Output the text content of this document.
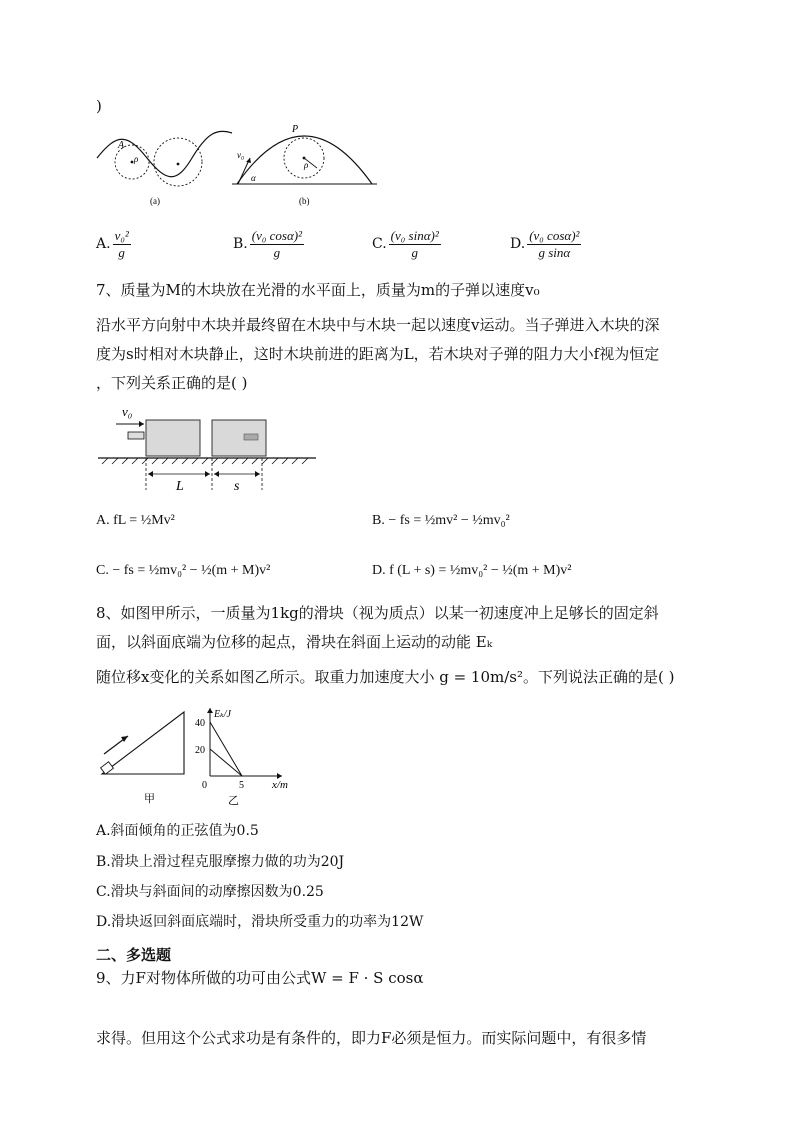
)
A
ρ
(a)
P
ρ
v₀
α
(b)
A. $\frac{\text{v₀²}}{g}$	B. $\frac{\text{(v₀ cosα)²}}{g}$	C. $\frac{\text{(v₀ sinα)²}}{g}$	D. $\frac{\text{(v₀ cosα)²}}{\text{g sinα}}$
7、质量为M的木块放在光滑的水平面上，质量为m的子弹以速度v₀
沿水平方向射中木块并最终留在木块中与木块一起以速度v运动。当子弹进入木块的深
度为s时相对木块静止，这时木块前进的距离为L，若木块对子弹的阻力大小f视为恒定
，下列关系正确的是( )
v₀
L	s
A. fL = ½Mv²	B. − fs = ½mv² − ½mv₀²
C. − fs = ½mv₀² − ½(m + M)v²	D. f (L + s) = ½mv₀² − ½(m + M)v²
8、如图甲所示，一质量为1kg的滑块（视为质点）以某一初速度冲上足够长的固定斜
面，以斜面底端为位移的起点，滑块在斜面上运动的动能 Eₖ
随位移x变化的关系如图乙所示。取重力加速度大小 g = 10m/s²。下列说法正确的是( )
甲
Eₖ/J
x/m
40
20
0	5
乙
A.斜面倾角的正弦值为0.5
B.滑块上滑过程克服摩擦力做的功为20J
C.滑块与斜面间的动摩擦因数为0.25
D.滑块返回斜面底端时，滑块所受重力的功率为12W
二、多选题
9、力F对物体所做的功可由公式W = F · S cosα
求得。但用这个公式求功是有条件的，即力F必须是恒力。而实际问题中，有很多情
